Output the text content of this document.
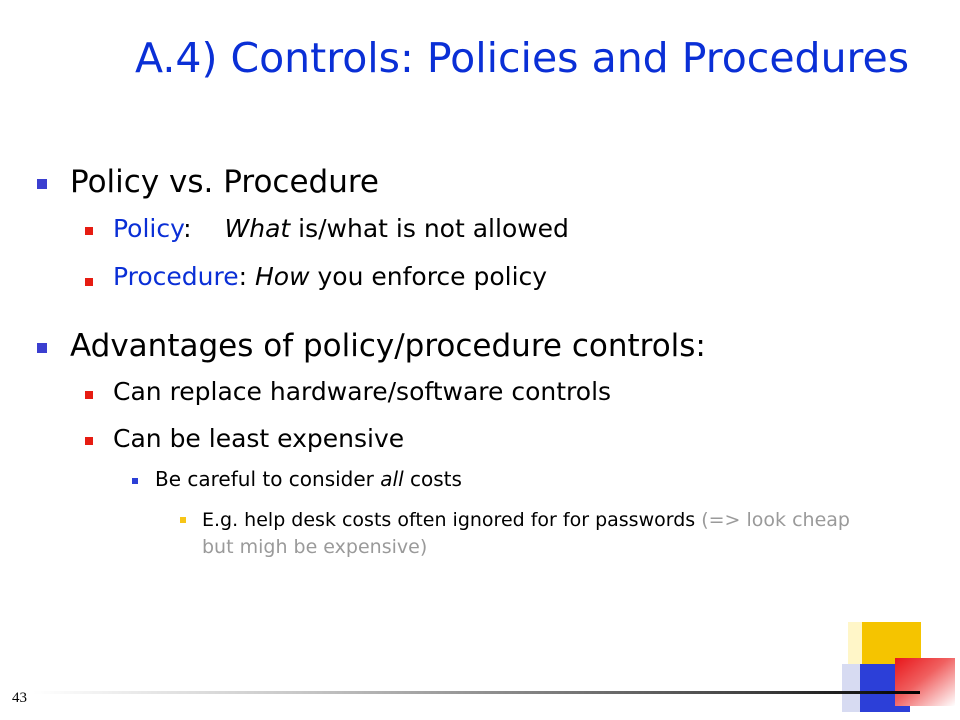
A.4) Controls: Policies and Procedures
Policy vs. Procedure
Policy: What is/what is not allowed
Procedure: How you enforce policy
Advantages of policy/procedure controls:
Can replace hardware/software controls
Can be least expensive
Be careful to consider all costs
E.g. help desk costs often ignored for for passwords (=> look cheap
but migh be expensive)
43
